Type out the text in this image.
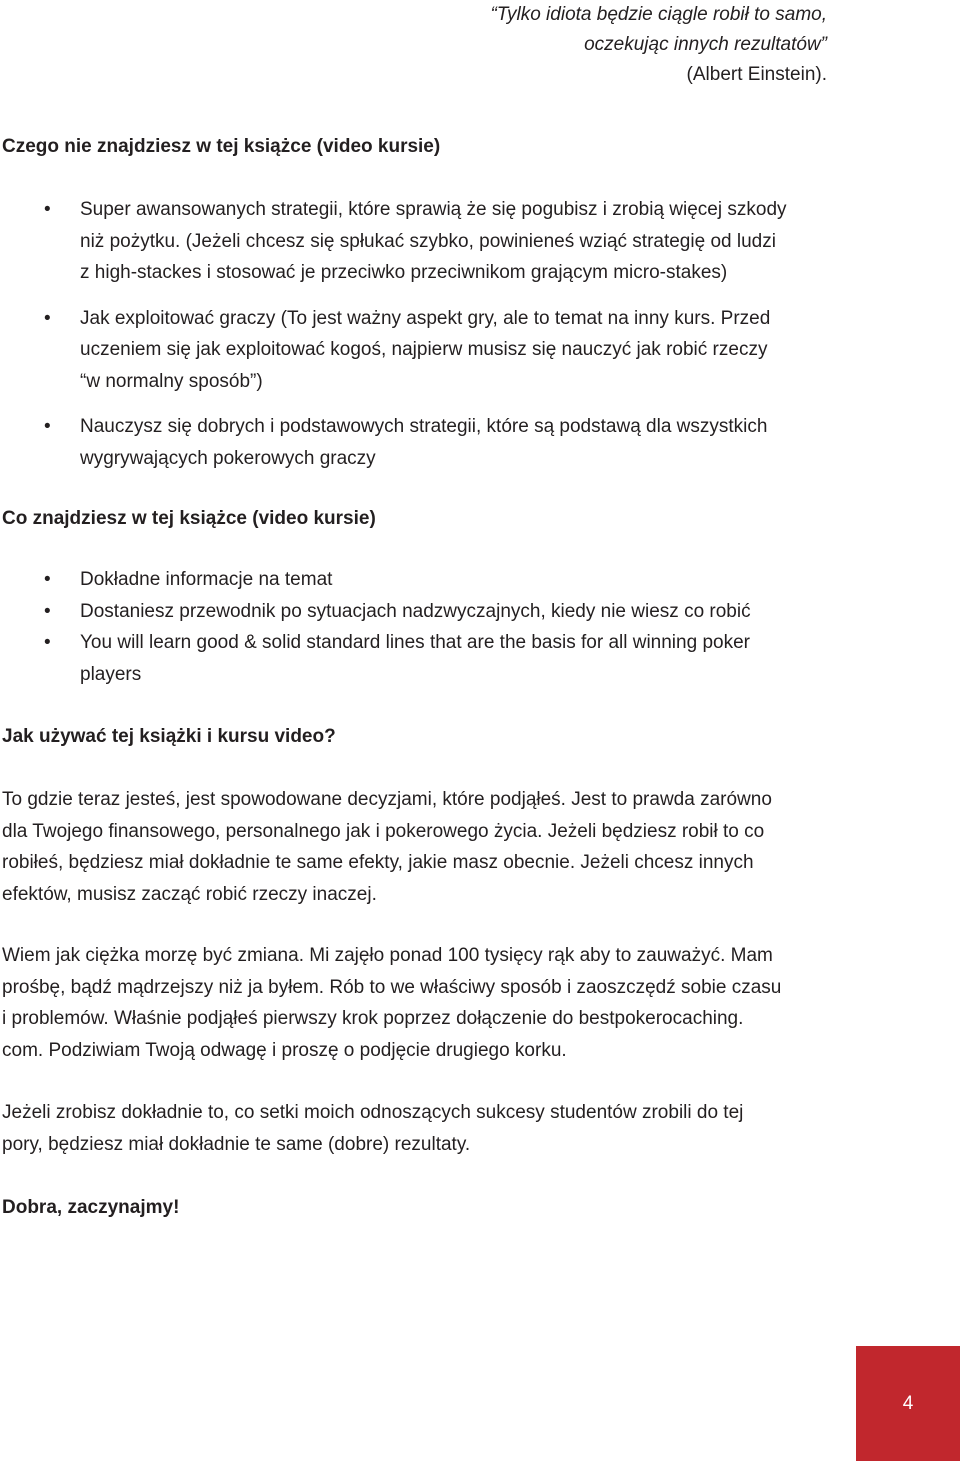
“Tylko idiota będzie ciągle robił to samo,
oczekując innych rezultatów”
(Albert Einstein).
Czego nie znajdziesz w tej książce (video kursie)
• Super awansowanych strategii, które sprawią że się pogubisz i zrobią więcej szkody
niż pożytku. (Jeżeli chcesz się spłukać szybko, powinieneś wziąć strategię od ludzi
z high-stackes i stosować je przeciwko przeciwnikom grającym micro-stakes)
• Jak exploitować graczy (To jest ważny aspekt gry, ale to temat na inny kurs. Przed
uczeniem się jak exploitować kogoś, najpierw musisz się nauczyć jak robić rzeczy
“w normalny sposób”)
• Nauczysz się dobrych i podstawowych strategii, które są podstawą dla wszystkich
wygrywających pokerowych graczy
Co znajdziesz w tej książce (video kursie)
• Dokładne informacje na temat
• Dostaniesz przewodnik po sytuacjach nadzwyczajnych, kiedy nie wiesz co robić
• You will learn good & solid standard lines that are the basis for all winning poker
players
Jak używać tej książki i kursu video?

To gdzie teraz jesteś, jest spowodowane decyzjami, które podjąłeś. Jest to prawda zarówno
dla Twojego finansowego, personalnego jak i pokerowego życia. Jeżeli będziesz robił to co
robiłeś, będziesz miał dokładnie te same efekty, jakie masz obecnie. Jeżeli chcesz innych
efektów, musisz zacząć robić rzeczy inaczej.

Wiem jak ciężka morzę być zmiana. Mi zajęło ponad 100 tysięcy rąk aby to zauważyć. Mam
prośbę, bądź mądrzejszy niż ja byłem. Rób to we właściwy sposób i zaoszczędź sobie czasu
i problemów. Właśnie podjąłeś pierwszy krok poprzez dołączenie do bestpokerocaching.
com. Podziwiam Twoją odwagę i proszę o podjęcie drugiego korku.

Jeżeli zrobisz dokładnie to, co setki moich odnoszących sukcesy studentów zrobili do tej
pory, będziesz miał dokładnie te same (dobre) rezultaty.

Dobra, zaczynajmy!

4
